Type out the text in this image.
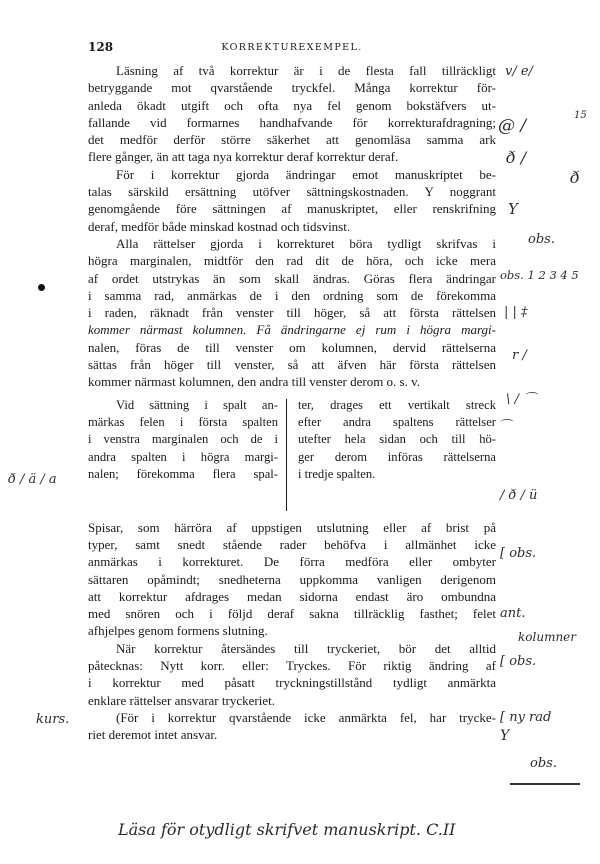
128	KORREKTUREXEMPEL.
Läsning af två korrektur är i de flesta fall tillräckligt
betryggande mot qvarstående tryckfel. Många korrektur för-
anleda ökadt utgift och ofta nya fel genom bokstäfvers ut-
fallande vid formarnes handhafvande för korrekturafdragning;
det medför derför större säkerhet att genomläsa samma ark
flere gånger, än att taga nya korrektur deraf korrektur deraf.
För i korrektur gjorda ändringar emot manuskriptet be-
talas särskild ersättning utöfver sättningskostnaden. Y noggrant
genomgående före sättningen af manuskriptet, eller renskrifning
deraf, medför både minskad kostnad och tidsvinst.
Alla rättelser gjorda i korrekturet böra tydligt skrifvas i
högra marginalen, midtför den rad dit de höra, och icke mera
af ordet utstrykas än som skall ändras. Göras flera ändringar
i samma rad, anmärkas de i den ordning som de förekomma
i raden, räknadt från venster till höger, så att första rättelsen
kommer närmast kolumnen. Få ändringarne ej rum i högra margi-
nalen, föras de till venster om kolumnen, dervid rättelserna
sättas från höger till venster, så att äfven här första rättelsen
kommer närmast kolumnen, den andra till venster derom o. s. v.
Vid sättning i spalt an-
märkas felen i första spalten
i venstra marginalen och de i
andra spalten i högra margi-
nalen; förekomma flera spal-
ter, drages ett vertikalt streck
efter andra spaltens rättelser
utefter hela sidan och till hö-
ger derom införas rättelserna
i tredje spalten.
Spisar, som härröra af uppstigen utslutning eller af brist på
typer, samt snedt stående rader behöfva i allmänhet icke
anmärkas i korrekturet. De förra medföra eller ombyter
sättaren opåmindt; snedheterna uppkomma vanligen derigenom
att korrektur afdrages medan sidorna endast äro ombundna
med snören och i följd deraf sakna tillräcklig fasthet; felet
afhjelpes genom formens slutning.
När korrektur återsändes till tryckeriet, bör det alltid
påtecknas: Nytt korr. eller: Tryckes. För riktig ändring af
i korrektur med påsatt tryckningstillstånd tydligt anmärkta
enklare rättelser ansvarar tryckeriet.
(För i korrektur qvarstående icke anmärkta fel, har trycke-
riet deremot intet ansvar.
v/ e/
@ /
15
ð /
ð
Y
obs.
obs. 1 2 3 4 5
| | ‡
r /
\ / ⌒
⌒
ð / ä / a
/ ð / ü
[ obs.
ant.
kolumner
[ obs.
kurs.	[ ny rad
obs.
Y
Läsa för otydligt skrifvet manuskript. C.II
